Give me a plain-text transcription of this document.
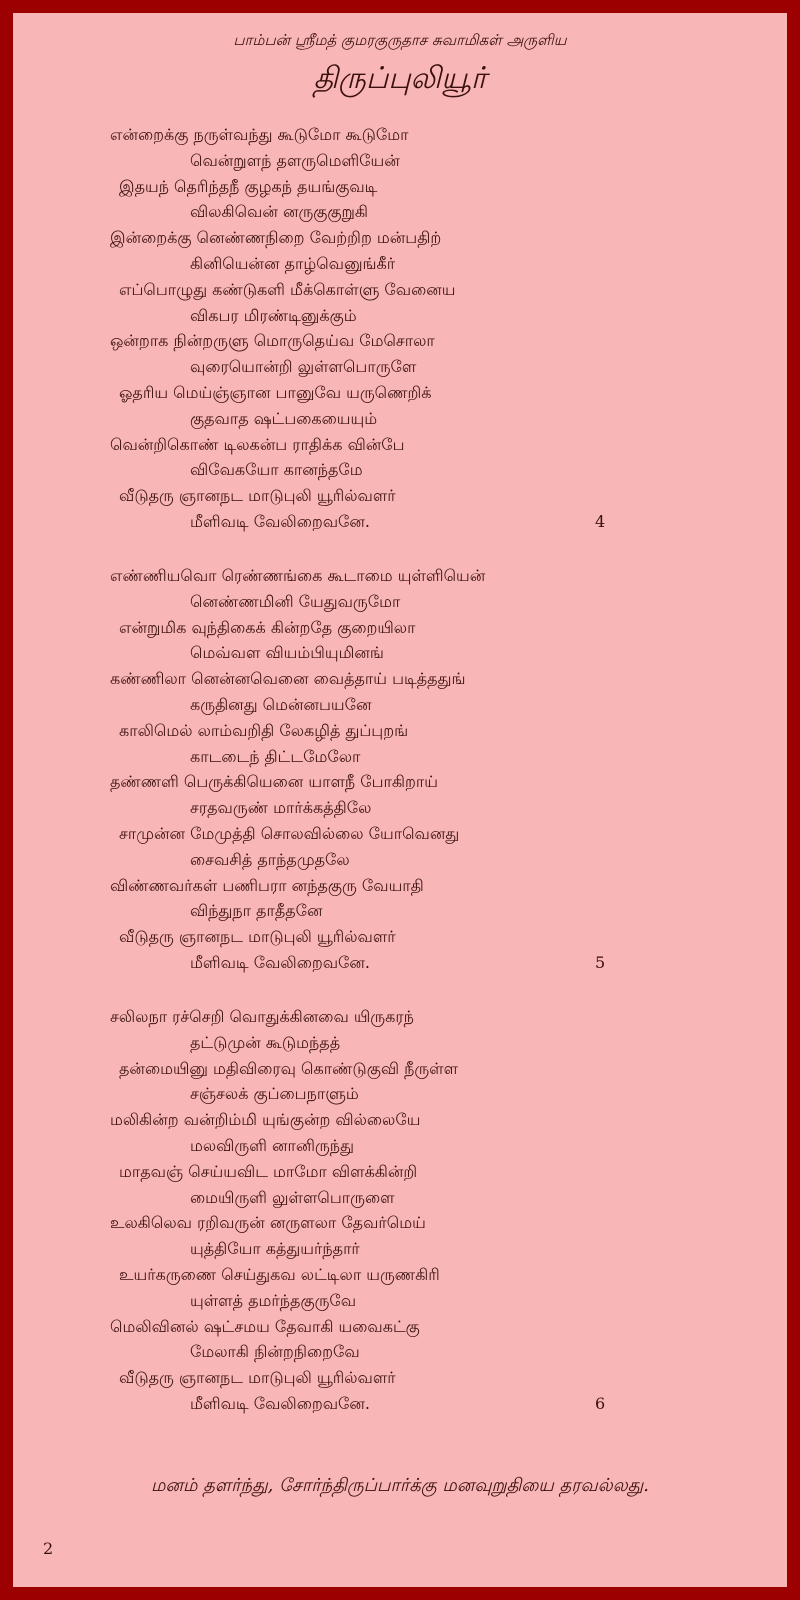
பாம்பன் ஸ்ரீமத் குமரகுருதாச சுவாமிகள் அருளிய
திருப்புலியூர்
என்றைக்கு நருள்வந்து கூடுமோ கூடுமோ
வென்றுளந் தளருமெளியேன்
இதயந் தெரிந்தநீ குழகந் தயங்குவடி
விலகிவென் னருகுகுறுகி
இன்றைக்கு னெண்ணநிறை வேற்றிற மன்பதிற்
கினியென்ன தாழ்வெனுங்கீர்
எப்பொழுது கண்டுகளி மீக்கொள்ளு வேனைய
விகபர மிரண்டினுக்கும்
ஒன்றாக நின்றருளு மொருதெய்வ மேசொலா
வுரையொன்றி லுள்ளபொருளே
ஓதரிய மெய்ஞ்ஞான பானுவே யருணெறிக்
குதவாத ஷட்பகையையும்
வென்றிகொண் டிலகன்ப ராதிக்க வின்பே
விவேகயோ கானந்தமே
வீடுதரு ஞானநட மாடுபுலி யூரில்வளர்
மீளிவடி வேலிறைவனே.	4
எண்ணியவொ ரெண்ணங்கை கூடாமை யுள்ளியென்
னெண்ணமினி யேதுவருமோ
என்றுமிக வுந்திகைக் கின்றதே குறையிலா
மெவ்வள வியம்பியுமினங்
கண்ணிலா னென்னவெனை வைத்தாய் படித்ததுங்
கருதினது மென்னபயனே
காலிமெல் லாம்வறிதி லேகழித் துப்புறங்
காடடைந் திட்டமேலோ
தண்ணளி பெருக்கியெனை யாளநீ போகிறாய்
சரதவருண் மார்க்கத்திலே
சாமுன்ன மேமுத்தி சொலவில்லை யோவெனது
சைவசித் தாந்தமுதலே
விண்ணவர்கள் பணிபரா னந்தகுரு வேயாதி
விந்துநா தாதீதனே
வீடுதரு ஞானநட மாடுபுலி யூரில்வளர்
மீளிவடி வேலிறைவனே.	5
சலிலநா ரச்செறி வொதுக்கினவை யிருகரந்
தட்டுமுன் கூடுமந்தத்
தன்மையினு மதிவிரைவு கொண்டுகுவி நீருள்ள
சஞ்சலக் குப்பைநாளும்
மலிகின்ற வன்றிம்மி யுங்குன்ற வில்லையே
மலவிருளி னானிருந்து
மாதவஞ் செய்யவிட மாமோ விளக்கின்றி
மையிருளி லுள்ளபொருளை
உலகிலெவ ரறிவருன் னருளலா தேவர்மெய்
யுத்தியோ கத்துயர்ந்தார்
உயர்கருணை செய்துகவ லட்டிலா யருணகிரி
யுள்ளத் தமர்ந்தகுருவே
மெலிவினல் ஷட்சமய தேவாகி யவைகட்கு
மேலாகி நின்றநிறைவே
வீடுதரு ஞானநட மாடுபுலி யூரில்வளர்
மீளிவடி வேலிறைவனே.	6
மனம் தளர்ந்து, சோர்ந்திருப்பார்க்கு மனவுறுதியை தரவல்லது.
2
